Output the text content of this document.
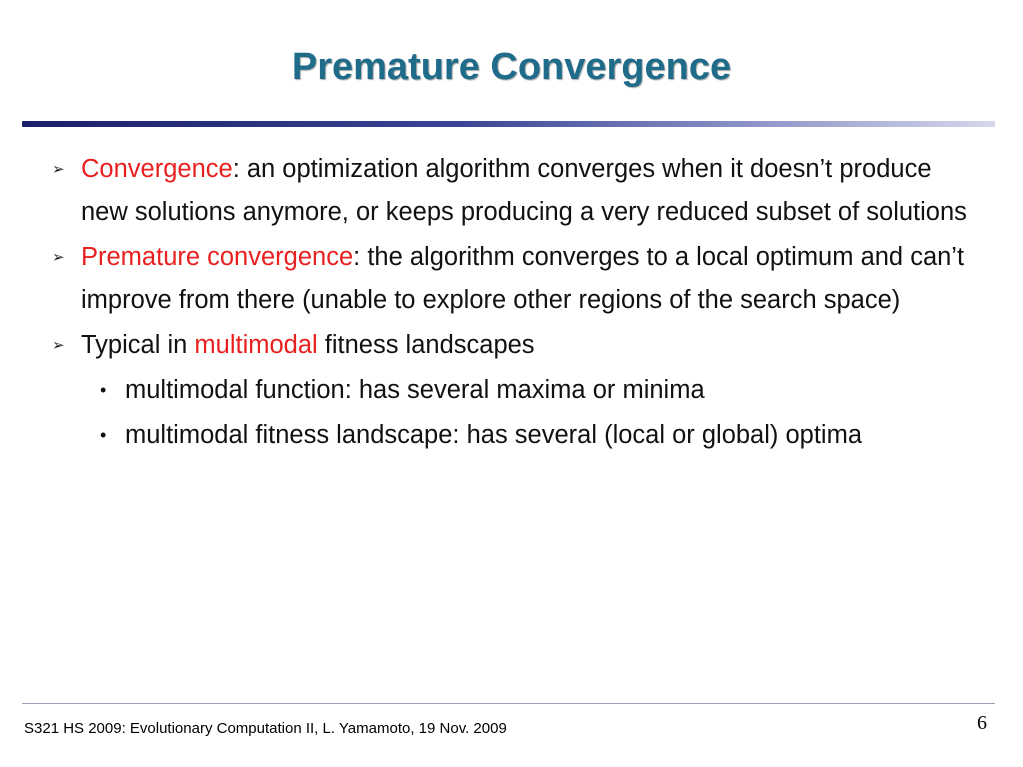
Premature Convergence
➢ Convergence: an optimization algorithm converges when it doesn’t produce new solutions anymore, or keeps producing a very reduced subset of solutions
➢ Premature convergence: the algorithm converges to a local optimum and can’t improve from there (unable to explore other regions of the search space)
➢ Typical in multimodal fitness landscapes
• multimodal function: has several maxima or minima
• multimodal fitness landscape: has several (local or global) optima
S321 HS 2009: Evolutionary Computation II, L. Yamamoto, 19 Nov. 2009	6
